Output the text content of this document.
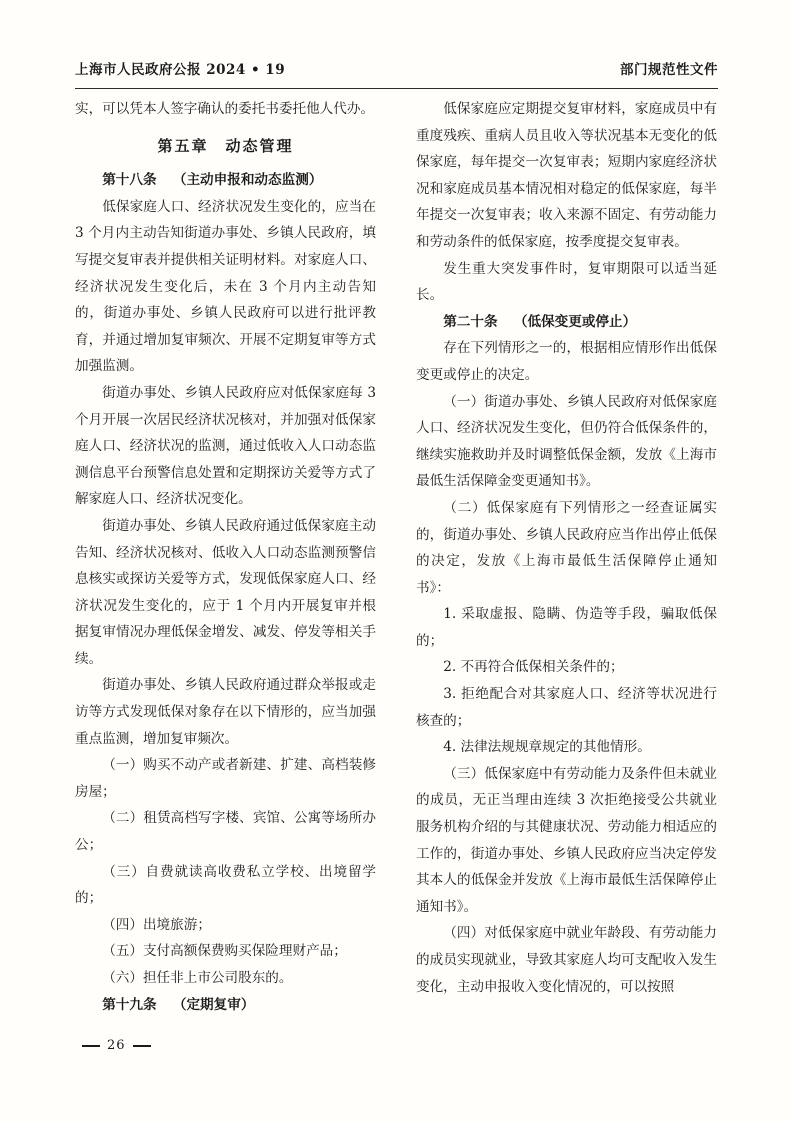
上海市人民政府公报 2024 • 19	部门规范性文件

实，可以凭本人签字确认的委托书委托他人代办。

第五章　动态管理

第十八条 （主动申报和动态监测）

低保家庭人口、经济状况发生变化的，应当在 3 个月内主动告知街道办事处、乡镇人民政府，填写提交复审表并提供相关证明材料。对家庭人口、经济状况发生变化后，未在 3 个月内主动告知的，街道办事处、乡镇人民政府可以进行批评教育，并通过增加复审频次、开展不定期复审等方式加强监测。

街道办事处、乡镇人民政府应对低保家庭每 3 个月开展一次居民经济状况核对，并加强对低保家庭人口、经济状况的监测，通过低收入人口动态监测信息平台预警信息处置和定期探访关爱等方式了解家庭人口、经济状况变化。

街道办事处、乡镇人民政府通过低保家庭主动告知、经济状况核对、低收入人口动态监测预警信息核实或探访关爱等方式，发现低保家庭人口、经济状况发生变化的，应于 1 个月内开展复审并根据复审情况办理低保金增发、减发、停发等相关手续。

街道办事处、乡镇人民政府通过群众举报或走访等方式发现低保对象存在以下情形的，应当加强重点监测，增加复审频次。

（一）购买不动产或者新建、扩建、高档装修房屋；

（二）租赁高档写字楼、宾馆、公寓等场所办公；

（三）自费就读高收费私立学校、出境留学的；

（四）出境旅游；

（五）支付高额保费购买保险理财产品；

（六）担任非上市公司股东的。

第十九条 （定期复审）

低保家庭应定期提交复审材料，家庭成员中有重度残疾、重病人员且收入等状况基本无变化的低保家庭，每年提交一次复审表；短期内家庭经济状况和家庭成员基本情况相对稳定的低保家庭，每半年提交一次复审表；收入来源不固定、有劳动能力和劳动条件的低保家庭，按季度提交复审表。

发生重大突发事件时，复审期限可以适当延长。

第二十条 （低保变更或停止）

存在下列情形之一的，根据相应情形作出低保变更或停止的决定。

（一）街道办事处、乡镇人民政府对低保家庭人口、经济状况发生变化，但仍符合低保条件的，继续实施救助并及时调整低保金额，发放《上海市最低生活保障金变更通知书》。

（二）低保家庭有下列情形之一经查证属实的，街道办事处、乡镇人民政府应当作出停止低保的决定，发放《上海市最低生活保障停止通知书》：

1. 采取虚报、隐瞒、伪造等手段，骗取低保的；

2. 不再符合低保相关条件的；

3. 拒绝配合对其家庭人口、经济等状况进行核查的；

4. 法律法规规章规定的其他情形。

（三）低保家庭中有劳动能力及条件但未就业的成员，无正当理由连续 3 次拒绝接受公共就业服务机构介绍的与其健康状况、劳动能力相适应的工作的，街道办事处、乡镇人民政府应当决定停发其本人的低保金并发放《上海市最低生活保障停止通知书》。

（四）对低保家庭中就业年龄段、有劳动能力的成员实现就业，导致其家庭人均可支配收入发生变化，主动申报收入变化情况的，可以按照

26
